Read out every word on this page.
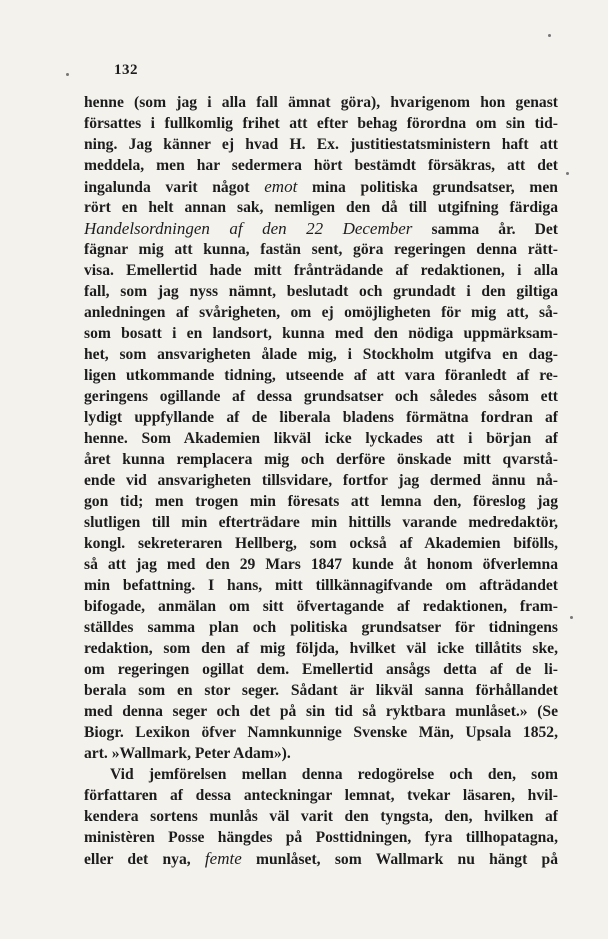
132
henne (som jag i alla fall ämnat göra), hvarigenom hon genast
försattes i fullkomlig frihet att efter behag förordna om sin tid-
ning. Jag känner ej hvad H. Ex. justitiestatsministern haft att
meddela, men har sedermera hört bestämdt försäkras, att det
ingalunda varit något emot mina politiska grundsatser, men
rört en helt annan sak, nemligen den då till utgifning färdiga
Handelsordningen af den 22 December samma år. Det
fägnar mig att kunna, fastän sent, göra regeringen denna rätt-
visa. Emellertid hade mitt frånträdande af redaktionen, i alla
fall, som jag nyss nämnt, beslutadt och grundadt i den giltiga
anledningen af svårigheten, om ej omöjligheten för mig att, så-
som bosatt i en landsort, kunna med den nödiga uppmärksam-
het, som ansvarigheten ålade mig, i Stockholm utgifva en dag-
ligen utkommande tidning, utseende af att vara föranledt af re-
geringens ogillande af dessa grundsatser och således såsom ett
lydigt uppfyllande af de liberala bladens förmätna fordran af
henne. Som Akademien likväl icke lyckades att i början af
året kunna remplacera mig och derföre önskade mitt qvarstå-
ende vid ansvarigheten tillsvidare, fortfor jag dermed ännu nå-
gon tid; men trogen min föresats att lemna den, föreslog jag
slutligen till min efterträdare min hittills varande medredaktör,
kongl. sekreteraren Hellberg, som också af Akademien bifölls,
så att jag med den 29 Mars 1847 kunde åt honom öfverlemna
min befattning. I hans, mitt tillkännagifvande om afträdandet
bifogade, anmälan om sitt öfvertagande af redaktionen, fram-
ställdes samma plan och politiska grundsatser för tidningens
redaktion, som den af mig följda, hvilket väl icke tillåtits ske,
om regeringen ogillat dem. Emellertid ansågs detta af de li-
berala som en stor seger. Sådant är likväl sanna förhållandet
med denna seger och det på sin tid så ryktbara munlåset.» (Se
Biogr. Lexikon öfver Namnkunnige Svenske Män, Upsala 1852,
art. »Wallmark, Peter Adam»).
Vid jemförelsen mellan denna redogörelse och den, som
författaren af dessa anteckningar lemnat, tvekar läsaren, hvil-
kendera sortens munlås väl varit den tyngsta, den, hvilken af
ministèren Posse hängdes på Posttidningen, fyra tillhopatagna,
eller det nya, femte munlåset, som Wallmark nu hängt på
